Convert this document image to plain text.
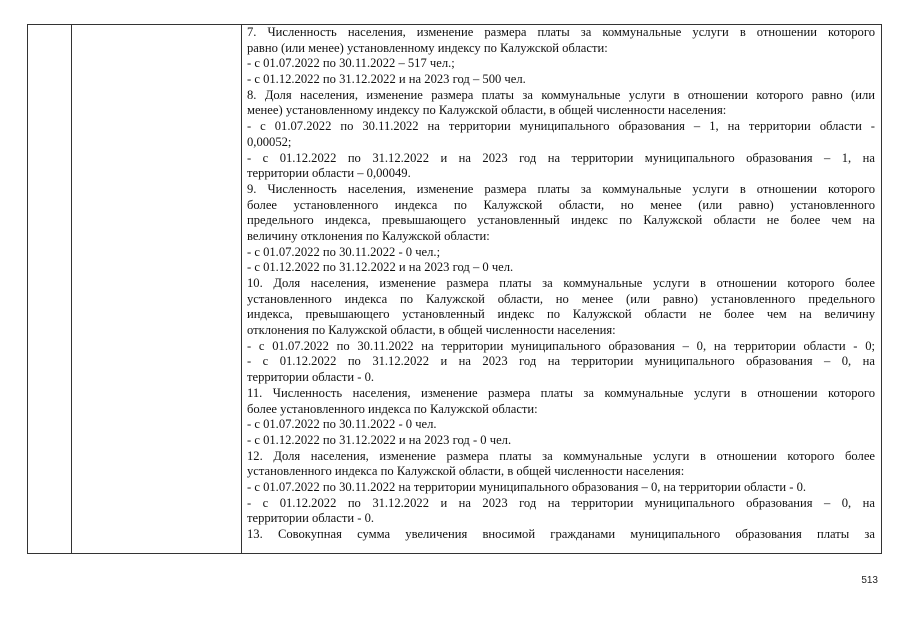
7. Численность населения, изменение размера платы за коммунальные услуги в отношении которого
равно (или менее) установленному индексу по Калужской области:
- с 01.07.2022 по 30.11.2022 – 517 чел.;
- с 01.12.2022 по 31.12.2022 и на 2023 год – 500 чел.
8. Доля населения, изменение размера платы за коммунальные услуги в отношении которого равно (или
менее) установленному индексу по Калужской области, в общей численности населения:
- с 01.07.2022 по 30.11.2022 на территории муниципального образования – 1, на территории области -
0,00052;
- с 01.12.2022 по 31.12.2022 и на 2023 год на территории муниципального образования – 1, на
территории области – 0,00049.
9. Численность населения, изменение размера платы за коммунальные услуги в отношении которого
более установленного индекса по Калужской области, но менее (или равно) установленного
предельного индекса, превышающего установленный индекс по Калужской области не более чем на
величину отклонения по Калужской области:
- с 01.07.2022 по 30.11.2022 - 0 чел.;
- с 01.12.2022 по 31.12.2022 и на 2023 год – 0 чел.
10. Доля населения, изменение размера платы за коммунальные услуги в отношении которого более
установленного индекса по Калужской области, но менее (или равно) установленного предельного
индекса, превышающего установленный индекс по Калужской области не более чем на величину
отклонения по Калужской области, в общей численности населения:
- с 01.07.2022 по 30.11.2022 на территории муниципального образования – 0, на территории области - 0;
- с 01.12.2022 по 31.12.2022 и на 2023 год на территории муниципального образования – 0, на
территории области - 0.
11. Численность населения, изменение размера платы за коммунальные услуги в отношении которого
более установленного индекса по Калужской области:
- с 01.07.2022 по 30.11.2022 - 0 чел.
- с 01.12.2022 по 31.12.2022 и на 2023 год - 0 чел.
12. Доля населения, изменение размера платы за коммунальные услуги в отношении которого более
установленного индекса по Калужской области, в общей численности населения:
- с 01.07.2022 по 30.11.2022 на территории муниципального образования – 0, на территории области - 0.
- с 01.12.2022 по 31.12.2022 и на 2023 год на территории муниципального образования – 0, на
территории области - 0.
13. Совокупная сумма увеличения вносимой гражданами муниципального образования платы за
513
